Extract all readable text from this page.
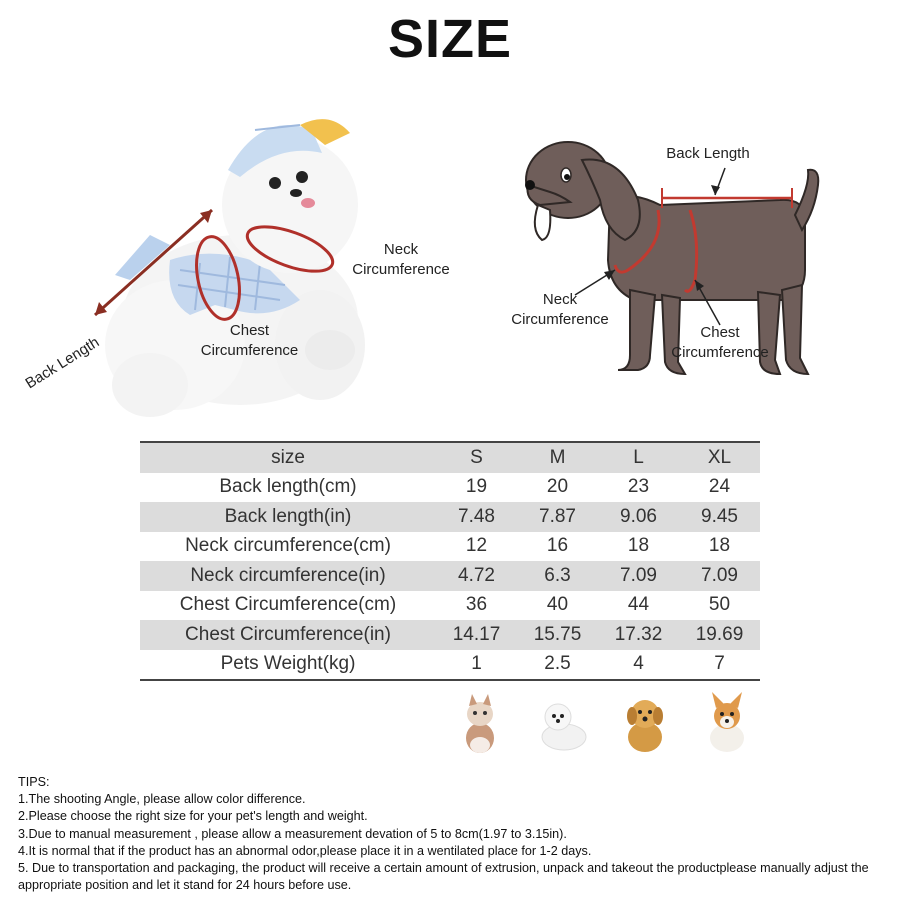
SIZE
Neck
Circumference
Back Length
Chest
Circumference
Back Length
Neck
Circumference
Chest
Circumference
size	S	M	L	XL
Back length(cm)	19	20	23	24
Back length(in)	7.48	7.87	9.06	9.45
Neck circumference(cm)	12	16	18	18
Neck circumference(in)	4.72	6.3	7.09	7.09
Chest Circumference(cm)	36	40	44	50
Chest Circumference(in)	14.17	15.75	17.32	19.69
Pets Weight(kg)	1	2.5	4	7
TIPS:
1.The shooting Angle, please allow color difference.
2.Please choose the right size for your pet's length and weight.
3.Due to manual measurement , please allow a measurement devation of 5 to 8cm(1.97 to 3.15in).
4.It is normal that if the product has an abnormal odor,please place it in a wentilated place for 1-2 days.
5. Due to transportation and packaging, the product will receive a certain amount of extrusion, unpack and takeout the productplease manually adjust the appropriate position and let it stand for 24 hours before use.
